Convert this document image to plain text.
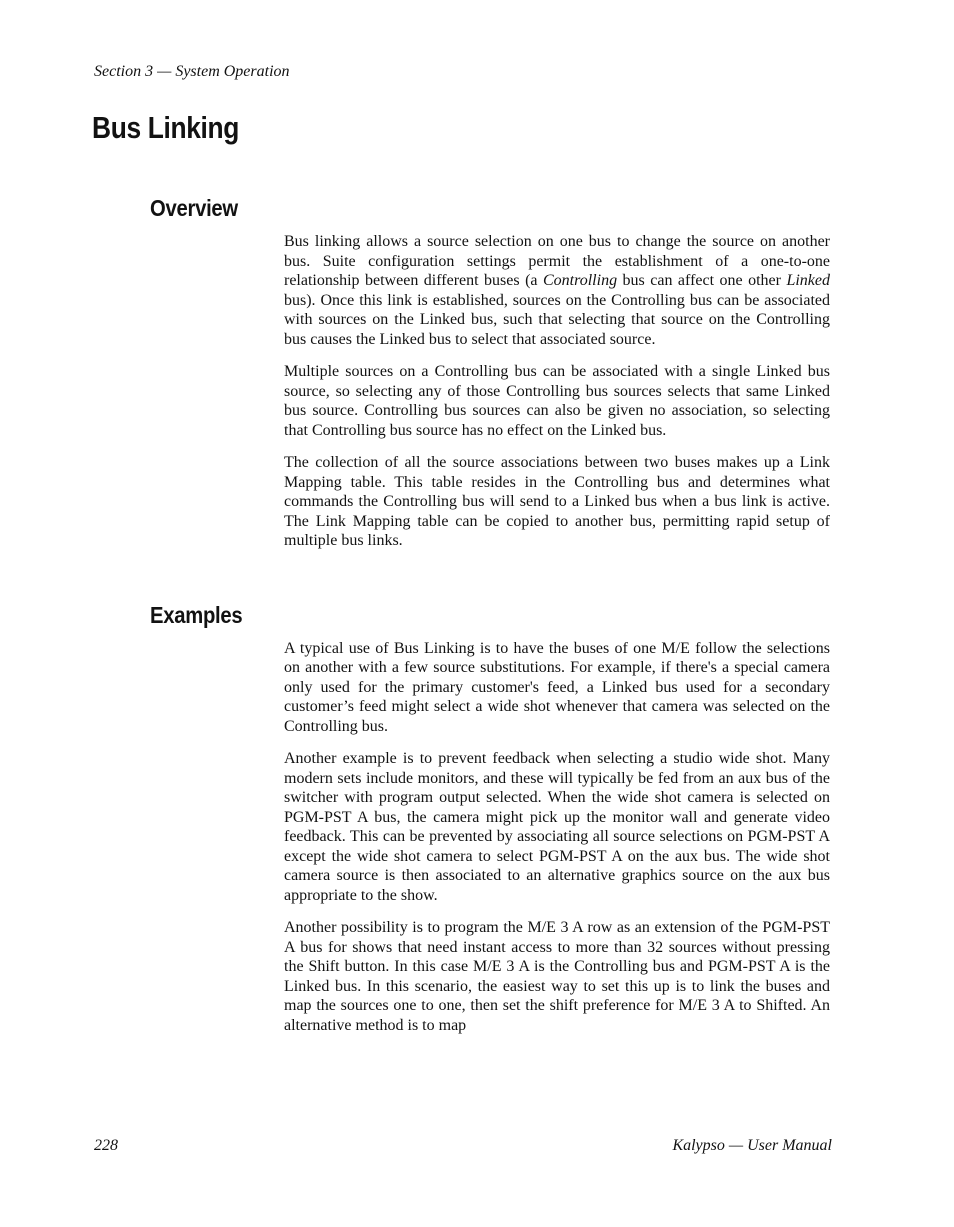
Section 3 — System Operation
Bus Linking
Overview

Bus linking allows a source selection on one bus to change the source on another bus. Suite configuration settings permit the establishment of a one-to-one relationship between different buses (a Controlling bus can affect one other Linked bus). Once this link is established, sources on the Controlling bus can be associated with sources on the Linked bus, such that selecting that source on the Controlling bus causes the Linked bus to select that associated source.

Multiple sources on a Controlling bus can be associated with a single Linked bus source, so selecting any of those Controlling bus sources selects that same Linked bus source. Controlling bus sources can also be given no association, so selecting that Controlling bus source has no effect on the Linked bus.

The collection of all the source associations between two buses makes up a Link Mapping table. This table resides in the Controlling bus and determines what commands the Controlling bus will send to a Linked bus when a bus link is active. The Link Mapping table can be copied to another bus, permitting rapid setup of multiple bus links.

Examples

A typical use of Bus Linking is to have the buses of one M/E follow the selections on another with a few source substitutions. For example, if there's a special camera only used for the primary customer's feed, a Linked bus used for a secondary customer’s feed might select a wide shot whenever that camera was selected on the Controlling bus.

Another example is to prevent feedback when selecting a studio wide shot. Many modern sets include monitors, and these will typically be fed from an aux bus of the switcher with program output selected. When the wide shot camera is selected on PGM-PST A bus, the camera might pick up the monitor wall and generate video feedback. This can be prevented by associating all source selections on PGM-PST A except the wide shot camera to select PGM-PST A on the aux bus. The wide shot camera source is then associated to an alternative graphics source on the aux bus appropriate to the show.

Another possibility is to program the M/E 3 A row as an extension of the PGM-PST A bus for shows that need instant access to more than 32 sources without pressing the Shift button. In this case M/E 3 A is the Controlling bus and PGM-PST A is the Linked bus. In this scenario, the easiest way to set this up is to link the buses and map the sources one to one, then set the shift preference for M/E 3 A to Shifted. An alternative method is to map

228	Kalypso — User Manual
